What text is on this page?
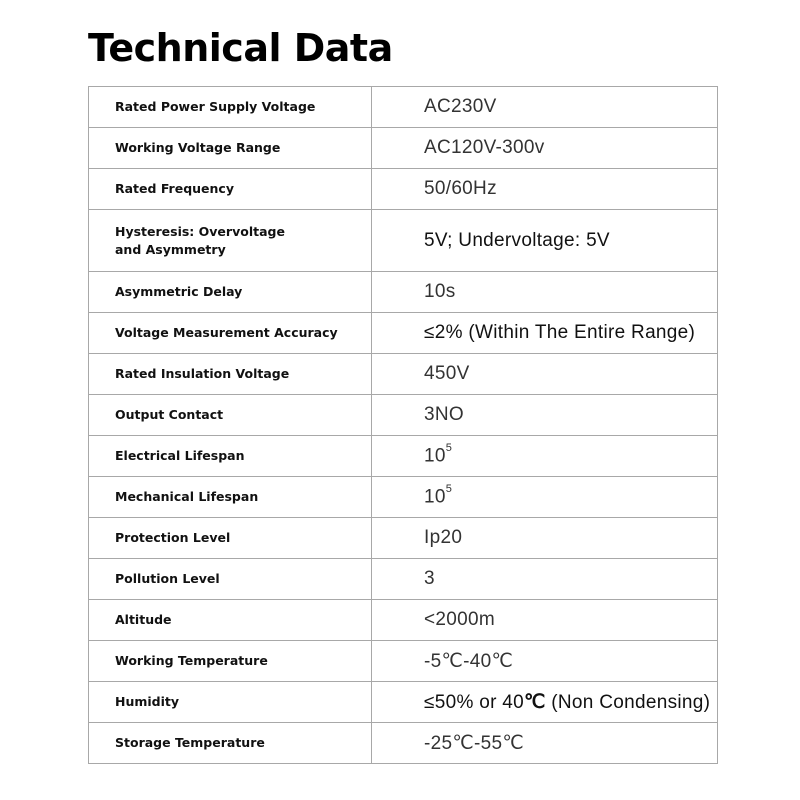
Technical Data
Rated Power Supply Voltage	AC230V
Working Voltage Range	AC120V-300v
Rated Frequency	50/60Hz

Hysteresis: Overvoltage
and Asymmetry	5V; Undervoltage: 5V
Asymmetric Delay	10s
Voltage Measurement Accuracy	≤2% (Within The Entire Range)
Rated Insulation Voltage	450V
Output Contact	3NO
Electrical Lifespan	$10^5$
Mechanical Lifespan	$10^5$
Protection Level	Ip20
Pollution Level	3
Altitude	<2000m
Working Temperature	-5℃-40℃
Humidity	≤50% or 40℃ (Non Condensing)
Storage Temperature	-25℃-55℃
